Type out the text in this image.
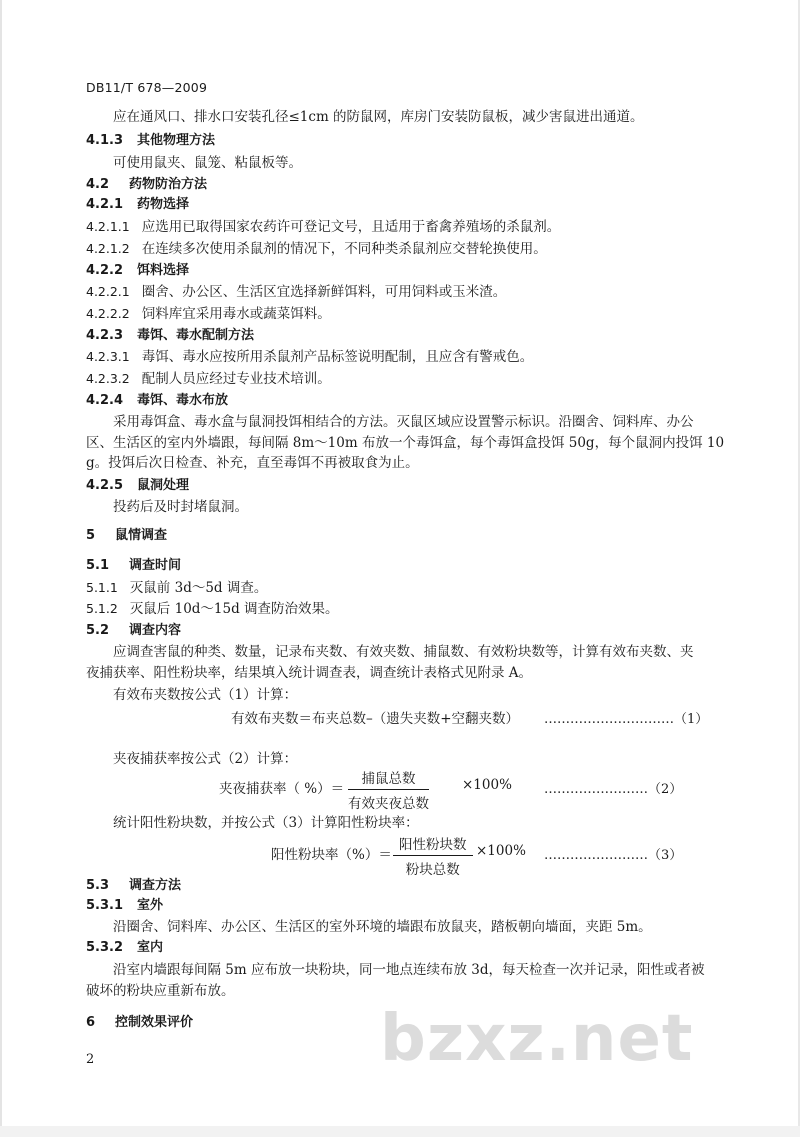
DB11/T 678—2009
应在通风口、排水口安装孔径≤1cm 的防鼠网，库房门安装防鼠板，减少害鼠进出通道。
4.1.3 其他物理方法
可使用鼠夹、鼠笼、粘鼠板等。
4.2 药物防治方法
4.2.1 药物选择
4.2.1.1 应选用已取得国家农药许可登记文号，且适用于畜禽养殖场的杀鼠剂。
4.2.1.2 在连续多次使用杀鼠剂的情况下，不同种类杀鼠剂应交替轮换使用。
4.2.2 饵料选择
4.2.2.1 圈舍、办公区、生活区宜选择新鲜饵料，可用饲料或玉米渣。
4.2.2.2 饲料库宜采用毒水或蔬菜饵料。
4.2.3 毒饵、毒水配制方法
4.2.3.1 毒饵、毒水应按所用杀鼠剂产品标签说明配制，且应含有警戒色。
4.2.3.2 配制人员应经过专业技术培训。
4.2.4 毒饵、毒水布放
采用毒饵盒、毒水盒与鼠洞投饵相结合的方法。灭鼠区域应设置警示标识。沿圈舍、饲料库、办公
区、生活区的室内外墙跟，每间隔 8m～10m 布放一个毒饵盒，每个毒饵盒投饵 50g，每个鼠洞内投饵 10
g。投饵后次日检查、补充，直至毒饵不再被取食为止。
4.2.5 鼠洞处理
投药后及时封堵鼠洞。
5 鼠情调查
5.1 调查时间
5.1.1 灭鼠前 3d～5d 调查。
5.1.2 灭鼠后 10d～15d 调查防治效果。
5.2 调查内容
应调查害鼠的种类、数量，记录布夹数、有效夹数、捕鼠数、有效粉块数等，计算有效布夹数、夹
夜捕获率、阳性粉块率，结果填入统计调查表，调查统计表格式见附录 A。
有效布夹数按公式（1）计算：
有效布夹数＝布夹总数–（遗失夹数+空翻夹数） …………………………（1）
夹夜捕获率按公式（2）计算：
夹夜捕获率（ %）＝
捕鼠总数
有效夹夜总数
×100% ……………………（2）
统计阳性粉块数，并按公式（3）计算阳性粉块率：
阳性粉块率（%）＝
阳性粉块数
粉块总数
×100% ……………………（3）
5.3 调查方法
5.3.1 室外
沿圈舍、饲料库、办公区、生活区的室外环境的墙跟布放鼠夹，踏板朝向墙面，夹距 5m。
5.3.2 室内
沿室内墙跟每间隔 5m 应布放一块粉块，同一地点连续布放 3d，每天检查一次并记录，阳性或者被
破坏的粉块应重新布放。
6 控制效果评价	bzxz.net
2
